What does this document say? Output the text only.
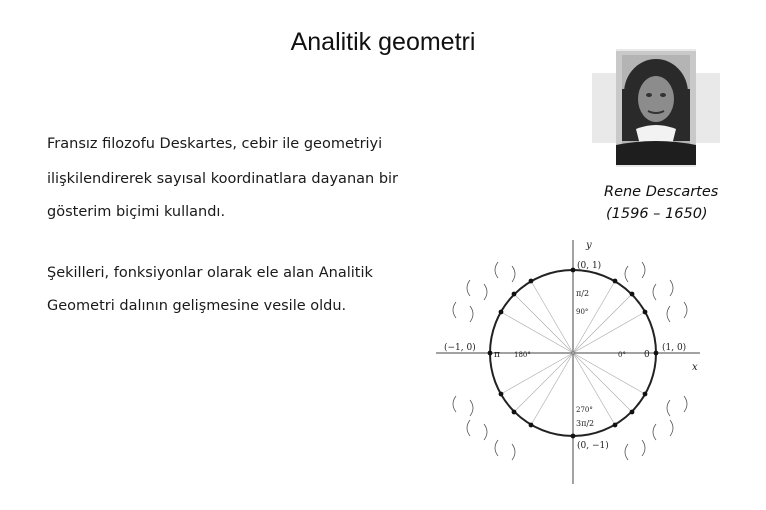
Analitik geometri
Fransız filozofu Deskartes, cebir ile geometriyi
ilişkilendirerek sayısal koordinatlara dayanan bir
gösterim biçimi kullandı.
Şekilleri, fonksiyonlar olarak ele alan Analitik
Geometri dalının gelişmesine vesile oldu.
Rene Descartes
(1596 – 1650)
y
x
(0, 1)
(−1, 0)	(1, 0)
(0, −1)
π/2
90°
π 180°	0
0°
270°
3π/2
